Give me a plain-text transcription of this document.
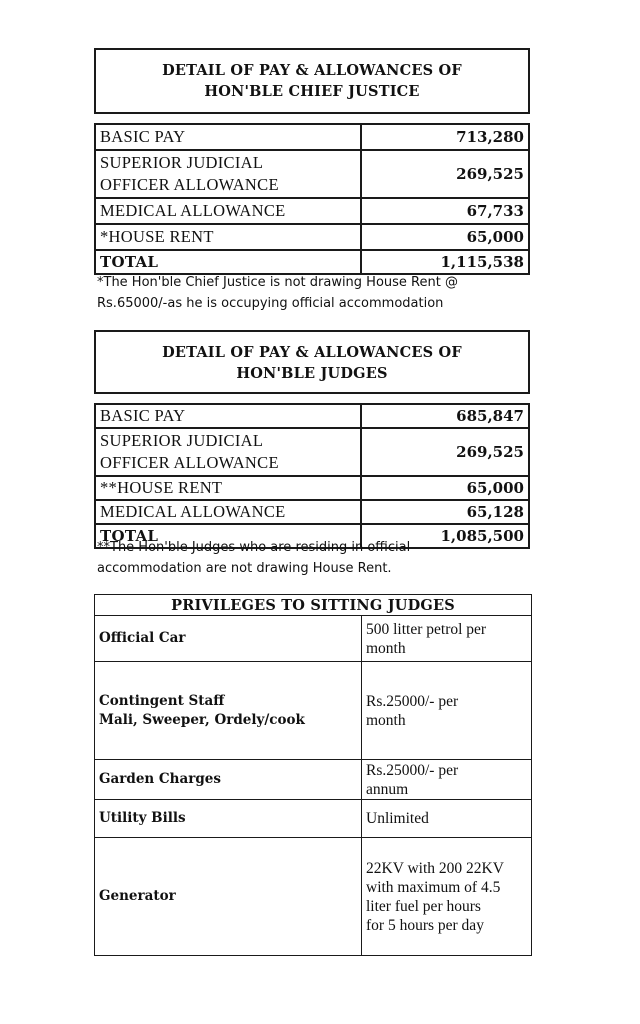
DETAIL OF PAY & ALLOWANCES OF
HON'BLE CHIEF JUSTICE
BASIC PAY	713,280

SUPERIOR JUDICIAL
OFFICER ALLOWANCE	269,525
MEDICAL ALLOWANCE	67,733
*HOUSE RENT	65,000
TOTAL	1,115,538
*The Hon'ble Chief Justice is not drawing House Rent @
Rs.65000/-as he is occupying official accommodation
DETAIL OF PAY & ALLOWANCES OF
HON'BLE JUDGES
BASIC PAY	685,847

SUPERIOR JUDICIAL
OFFICER ALLOWANCE	269,525
**HOUSE RENT	65,000
MEDICAL ALLOWANCE	65,128
TOTAL	1,085,500
**The Hon'ble Judges who are residing in official
accommodation are not drawing House Rent.
PRIVILEGES TO SITTING JUDGES	
Official Car	500 litter petrol per
month

Contingent Staff
Mali, Sweeper, Ordely/cook	Rs.25000/- per
month

Garden Charges	Rs.25000/- per
annum

Utility Bills	Unlimited

Generator	22KV with 200 22KV
with maximum of 4.5
liter fuel per hours
for 5 hours per day
